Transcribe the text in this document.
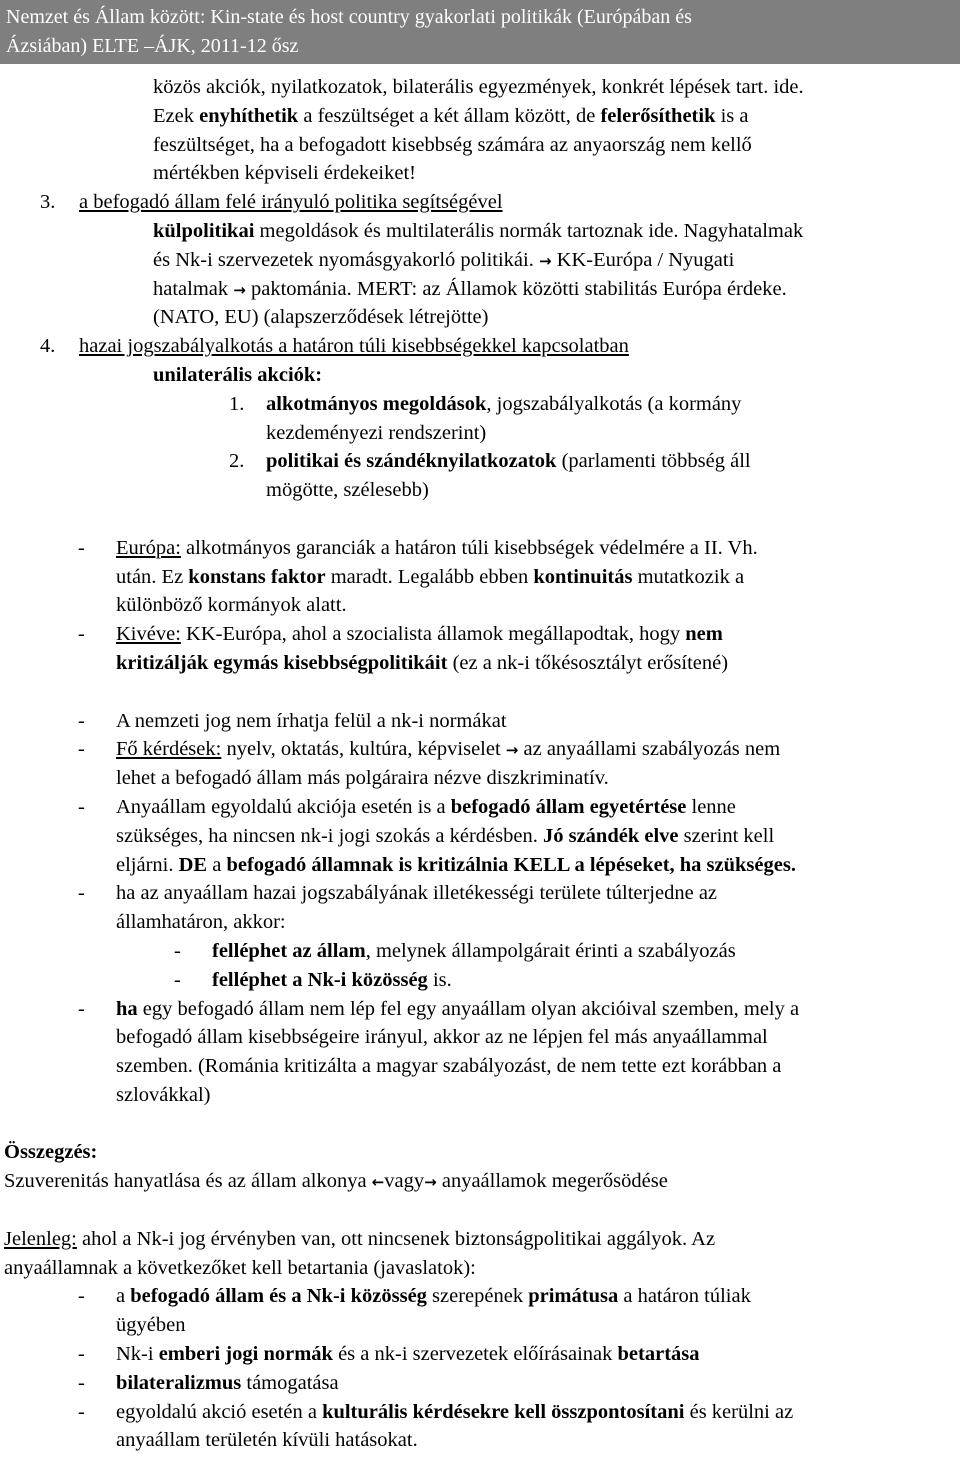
Nemzet és Állam között: Kin-state és host country gyakorlati politikák (Európában és
Ázsiában) ELTE –ÁJK, 2011-12 ősz
közös akciók, nyilatkozatok, bilaterális egyezmények, konkrét lépések tart. ide.
Ezek enyhíthetik a feszültséget a két állam között, de felerősíthetik is a
feszültséget, ha a befogadott kisebbség számára az anyaország nem kellő
mértékben képviseli érdekeiket!
3. a befogadó állam felé irányuló politika segítségével
külpolitikai megoldások és multilaterális normák tartoznak ide. Nagyhatalmak
és Nk-i szervezetek nyomásgyakorló politikái. → KK-Európa / Nyugati
hatalmak → paktománia. MERT: az Államok közötti stabilitás Európa érdeke.
(NATO, EU) (alapszerződések létrejötte)
4. hazai jogszabályalkotás a határon túli kisebbségekkel kapcsolatban
unilaterális akciók:
1. alkotmányos megoldások, jogszabályalkotás (a kormány
kezdeményezi rendszerint)
2. politikai és szándéknyilatkozatok (parlamenti többség áll
mögötte, szélesebb)
- Európa: alkotmányos garanciák a határon túli kisebbségek védelmére a II. Vh.
után. Ez konstans faktor maradt. Legalább ebben kontinuitás mutatkozik a
különböző kormányok alatt.
- Kivéve: KK-Európa, ahol a szocialista államok megállapodtak, hogy nem
kritizálják egymás kisebbségpolitikáit (ez a nk-i tőkésosztályt erősítené)
- A nemzeti jog nem írhatja felül a nk-i normákat
- Fő kérdések: nyelv, oktatás, kultúra, képviselet → az anyaállami szabályozás nem
lehet a befogadó állam más polgáraira nézve diszkriminatív.
- Anyaállam egyoldalú akciója esetén is a befogadó állam egyetértése lenne
szükséges, ha nincsen nk-i jogi szokás a kérdésben. Jó szándék elve szerint kell
eljárni. DE a befogadó államnak is kritizálnia KELL a lépéseket, ha szükséges.
- ha az anyaállam hazai jogszabályának illetékességi területe túlterjedne az
államhatáron, akkor:
- felléphet az állam, melynek állampolgárait érinti a szabályozás
- felléphet a Nk-i közösség is.
- ha egy befogadó állam nem lép fel egy anyaállam olyan akcióival szemben, mely a
befogadó állam kisebbségeire irányul, akkor az ne lépjen fel más anyaállammal
szemben. (Románia kritizálta a magyar szabályozást, de nem tette ezt korábban a
szlovákkal)
Összegzés:
Szuverenitás hanyatlása és az állam alkonya ←vagy→ anyaállamok megerősödése
Jelenleg: ahol a Nk-i jog érvényben van, ott nincsenek biztonságpolitikai aggályok. Az
anyaállamnak a következőket kell betartania (javaslatok):
- a befogadó állam és a Nk-i közösség szerepének primátusa a határon túliak
ügyében
- Nk-i emberi jogi normák és a nk-i szervezetek előírásainak betartása
- bilateralizmus támogatása
- egyoldalú akció esetén a kulturális kérdésekre kell összpontosítani és kerülni az
anyaállam területén kívüli hatásokat.
